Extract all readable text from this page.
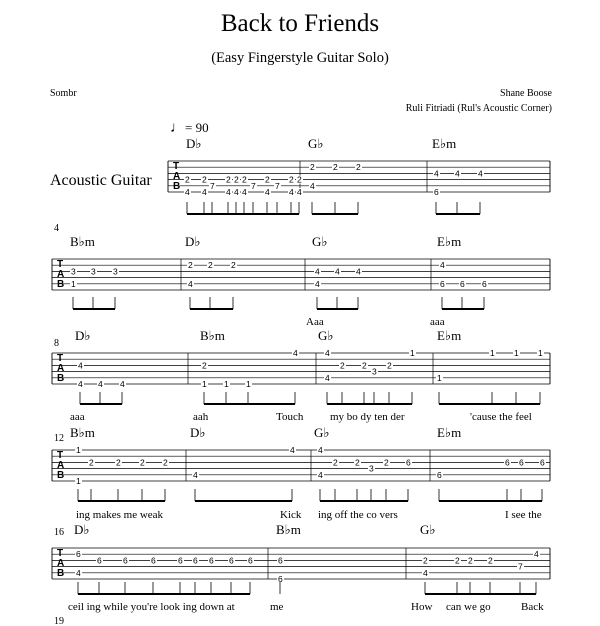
Back to Friends
(Easy Fingerstyle Guitar Solo)
Sombr	Shane Boose
Ruli Fitriadi (Rul's Acoustic Corner)
♩= 90
Acoustic Guitar
T
A
B
2
4
2
4
7
2 2 2
4 4 4
7
2
4
7
2 2
4 4
2 2 2
4
4 4 4
6
D♭	G♭	E♭m
4
T
A
B
3 3 3
1
2 2 2
4
4 4 4
4
4
6 6 6
B♭m	D♭	G♭
Aaa
E♭m
aaa
8
T
A
B
4
4 4 4
2
1 1 1
4	4
2 2
3
2
4
1
1
1 1 1
D♭
aaa
B♭m
aah
G♭
Touch my bo dy ten der
E♭m
'cause the feel
12
T
A
B
1
2	2 2 2
1
4
4	4
2 2
3
2 6
4	6
6 6 6
B♭m
ing makes me weak
D♭
Kick
G♭
ing off the co vers
E♭m
I see the
16
T
A
B
6
6	6	6	6 6 6 6 6
4
6
6
2	2 2 2
4
7
4
D♭
ceil ing while you're look ing down at
B♭m
me
G♭
How can we go	Back
19
